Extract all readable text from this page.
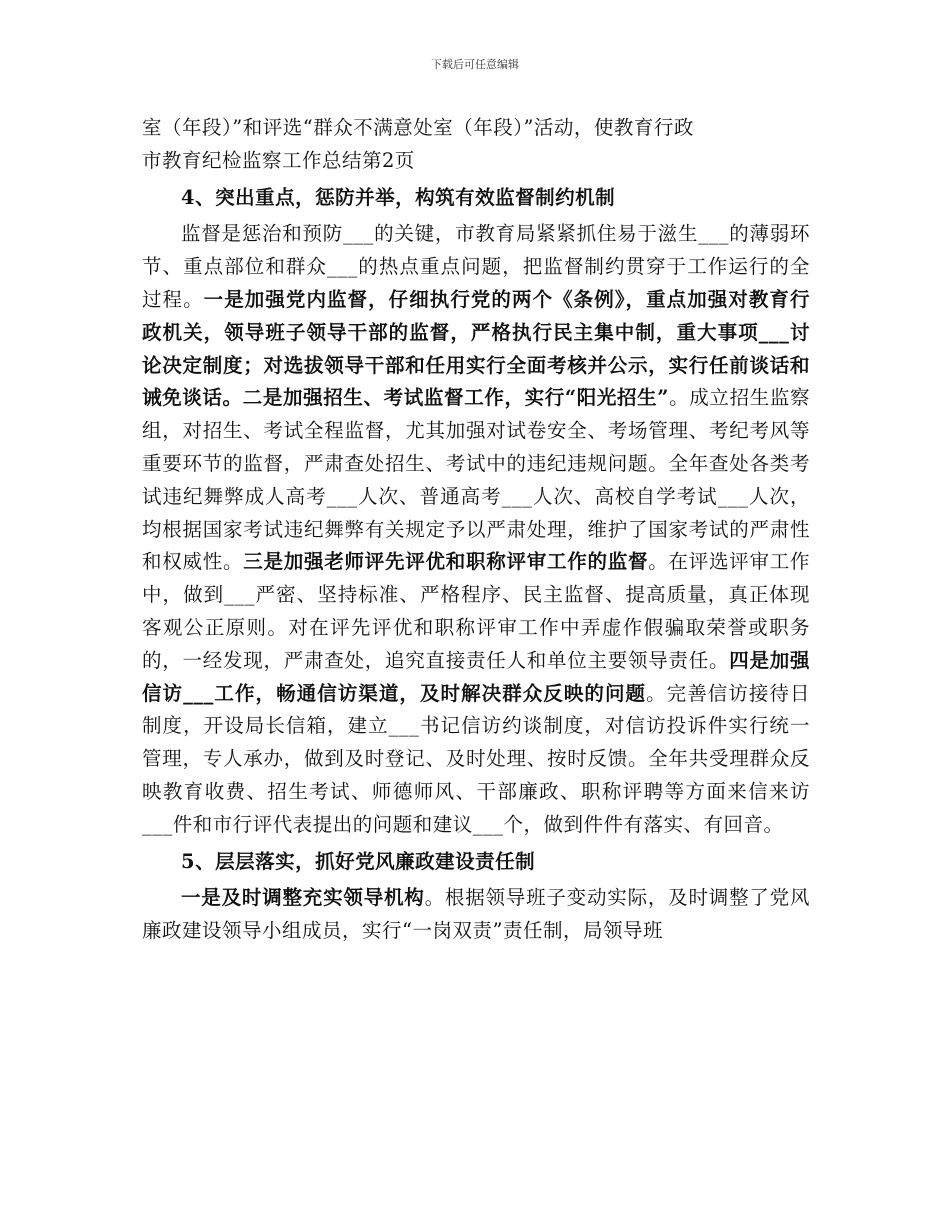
下载后可任意编辑

室（年段）”和评选“群众不满意处室（年段）”活动，使教育行政

市教育纪检监察工作总结第2页

4、突出重点，惩防并举，构筑有效监督制约机制

监督是惩治和预防___的关键，市教育局紧紧抓住易于滋生___的薄弱环节、重点部位和群众___的热点重点问题，把监督制约贯穿于工作运行的全过程。一是加强党内监督，仔细执行党的两个《条例》，重点加强对教育行政机关，领导班子领导干部的监督，严格执行民主集中制，重大事项___讨论决定制度；对选拔领导干部和任用实行全面考核并公示，实行任前谈话和诫免谈话。二是加强招生、考试监督工作，实行“阳光招生”。成立招生监察组，对招生、考试全程监督，尤其加强对试卷安全、考场管理、考纪考风等重要环节的监督，严肃查处招生、考试中的违纪违规问题。全年查处各类考试违纪舞弊成人高考___人次、普通高考___人次、高校自学考试___人次，均根据国家考试违纪舞弊有关规定予以严肃处理，维护了国家考试的严肃性和权威性。三是加强老师评先评优和职称评审工作的监督。在评选评审工作中，做到___严密、坚持标准、严格程序、民主监督、提高质量，真正体现客观公正原则。对在评先评优和职称评审工作中弄虚作假骗取荣誉或职务的，一经发现，严肃查处，追究直接责任人和单位主要领导责任。四是加强信访___工作，畅通信访渠道，及时解决群众反映的问题。完善信访接待日制度，开设局长信箱，建立___书记信访约谈制度，对信访投诉件实行统一管理，专人承办，做到及时登记、及时处理、按时反馈。全年共受理群众反映教育收费、招生考试、师德师风、干部廉政、职称评聘等方面来信来访___件和市行评代表提出的问题和建议___个，做到件件有落实、有回音。

5、层层落实，抓好党风廉政建设责任制

一是及时调整充实领导机构。根据领导班子变动实际，及时调整了党风廉政建设领导小组成员，实行“一岗双责”责任制，局领导班
